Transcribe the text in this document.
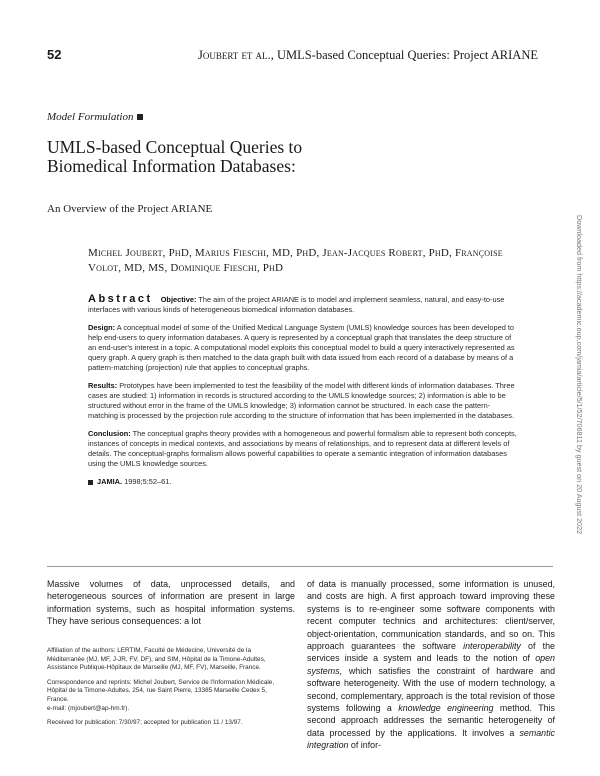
52	Joubert et al., UMLS-based Conceptual Queries: Project ARIANE
Model Formulation
UMLS-based Conceptual Queries to Biomedical Information Databases:
An Overview of the Project ARIANE
Michel Joubert, PhD, Marius Fieschi, MD, PhD, Jean-Jacques Robert, PhD, Françoise Volot, MD, MS, Dominique Fieschi, PhD

Abstract Objective: The aim of the project ARIANE is to model and implement seamless, natural, and easy-to-use interfaces with various kinds of heterogeneous biomedical information databases.

Design: A conceptual model of some of the Unified Medical Language System (UMLS) knowledge sources has been developed to help end-users to query information databases. A query is represented by a conceptual graph that translates the deep structure of an end-user's interest in a topic. A computational model exploits this conceptual model to build a query interactively represented as query graph. A query graph is then matched to the data graph built with data issued from each record of a database by means of a pattern-matching (projection) rule that applies to conceptual graphs.

Results: Prototypes have been implemented to test the feasibility of the model with different kinds of information databases. Three cases are studied: 1) information in records is structured according to the UMLS knowledge sources; 2) information is able to be structured without error in the frame of the UMLS knowledge; 3) information cannot be structured. In each case the pattern-matching is processed by the projection rule according to the structure of information that has been implemented in the databases.

Conclusion: The conceptual graphs theory provides with a homogeneous and powerful formalism able to represent both concepts, instances of concepts in medical contexts, and associations by means of relationships, and to represent data at different levels of details. The conceptual-graphs formalism allows powerful capabilities to operate a semantic integration of information databases using the UMLS knowledge sources.

JAMIA. 1998;5:52–61.

Massive volumes of data, unprocessed details, and heterogeneous sources of information are present in large information systems, such as hospital information systems. They have serious consequences: a lot

Affiliation of the authors: LERTIM, Faculté de Médecine, Université de la Méditerranée (MJ, MF, J-JR, FV, DF), and SIM, Hôpital de la Timone-Adultes, Assistance Publique-Hôpitaux de Marseille (MJ, MF, FV), Marseille, France.

Correspondence and reprints: Michel Joubert, Service de l'Information Médicale, Hôpital de la Timone-Adultes, 254, rue Saint Pierre, 13385 Marseille Cedex 5, France.
e-mail: (mjoubert@ap-hm.fr).

Received for publication: 7/30/97; accepted for publication 11 / 13/97.

of data is manually processed, some information is unused, and costs are high. A first approach toward improving these systems is to re-engineer some software components with recent computer technics and architectures: client/server, object-orientation, communication standards, and so on. This approach guarantees the software interoperability of the services inside a system and leads to the notion of open systems, which satisfies the constraint of hardware and software heterogeneity. With the use of modern technology, a second, complementary, approach is the total revision of those systems following a knowledge engineering method. This second approach addresses the semantic heterogeneity of data processed by the applications. It involves a semantic integration of infor-

Downloaded from https://academic.oup.com/jamia/article/5/1/52/706811 by guest on 20 August 2022
